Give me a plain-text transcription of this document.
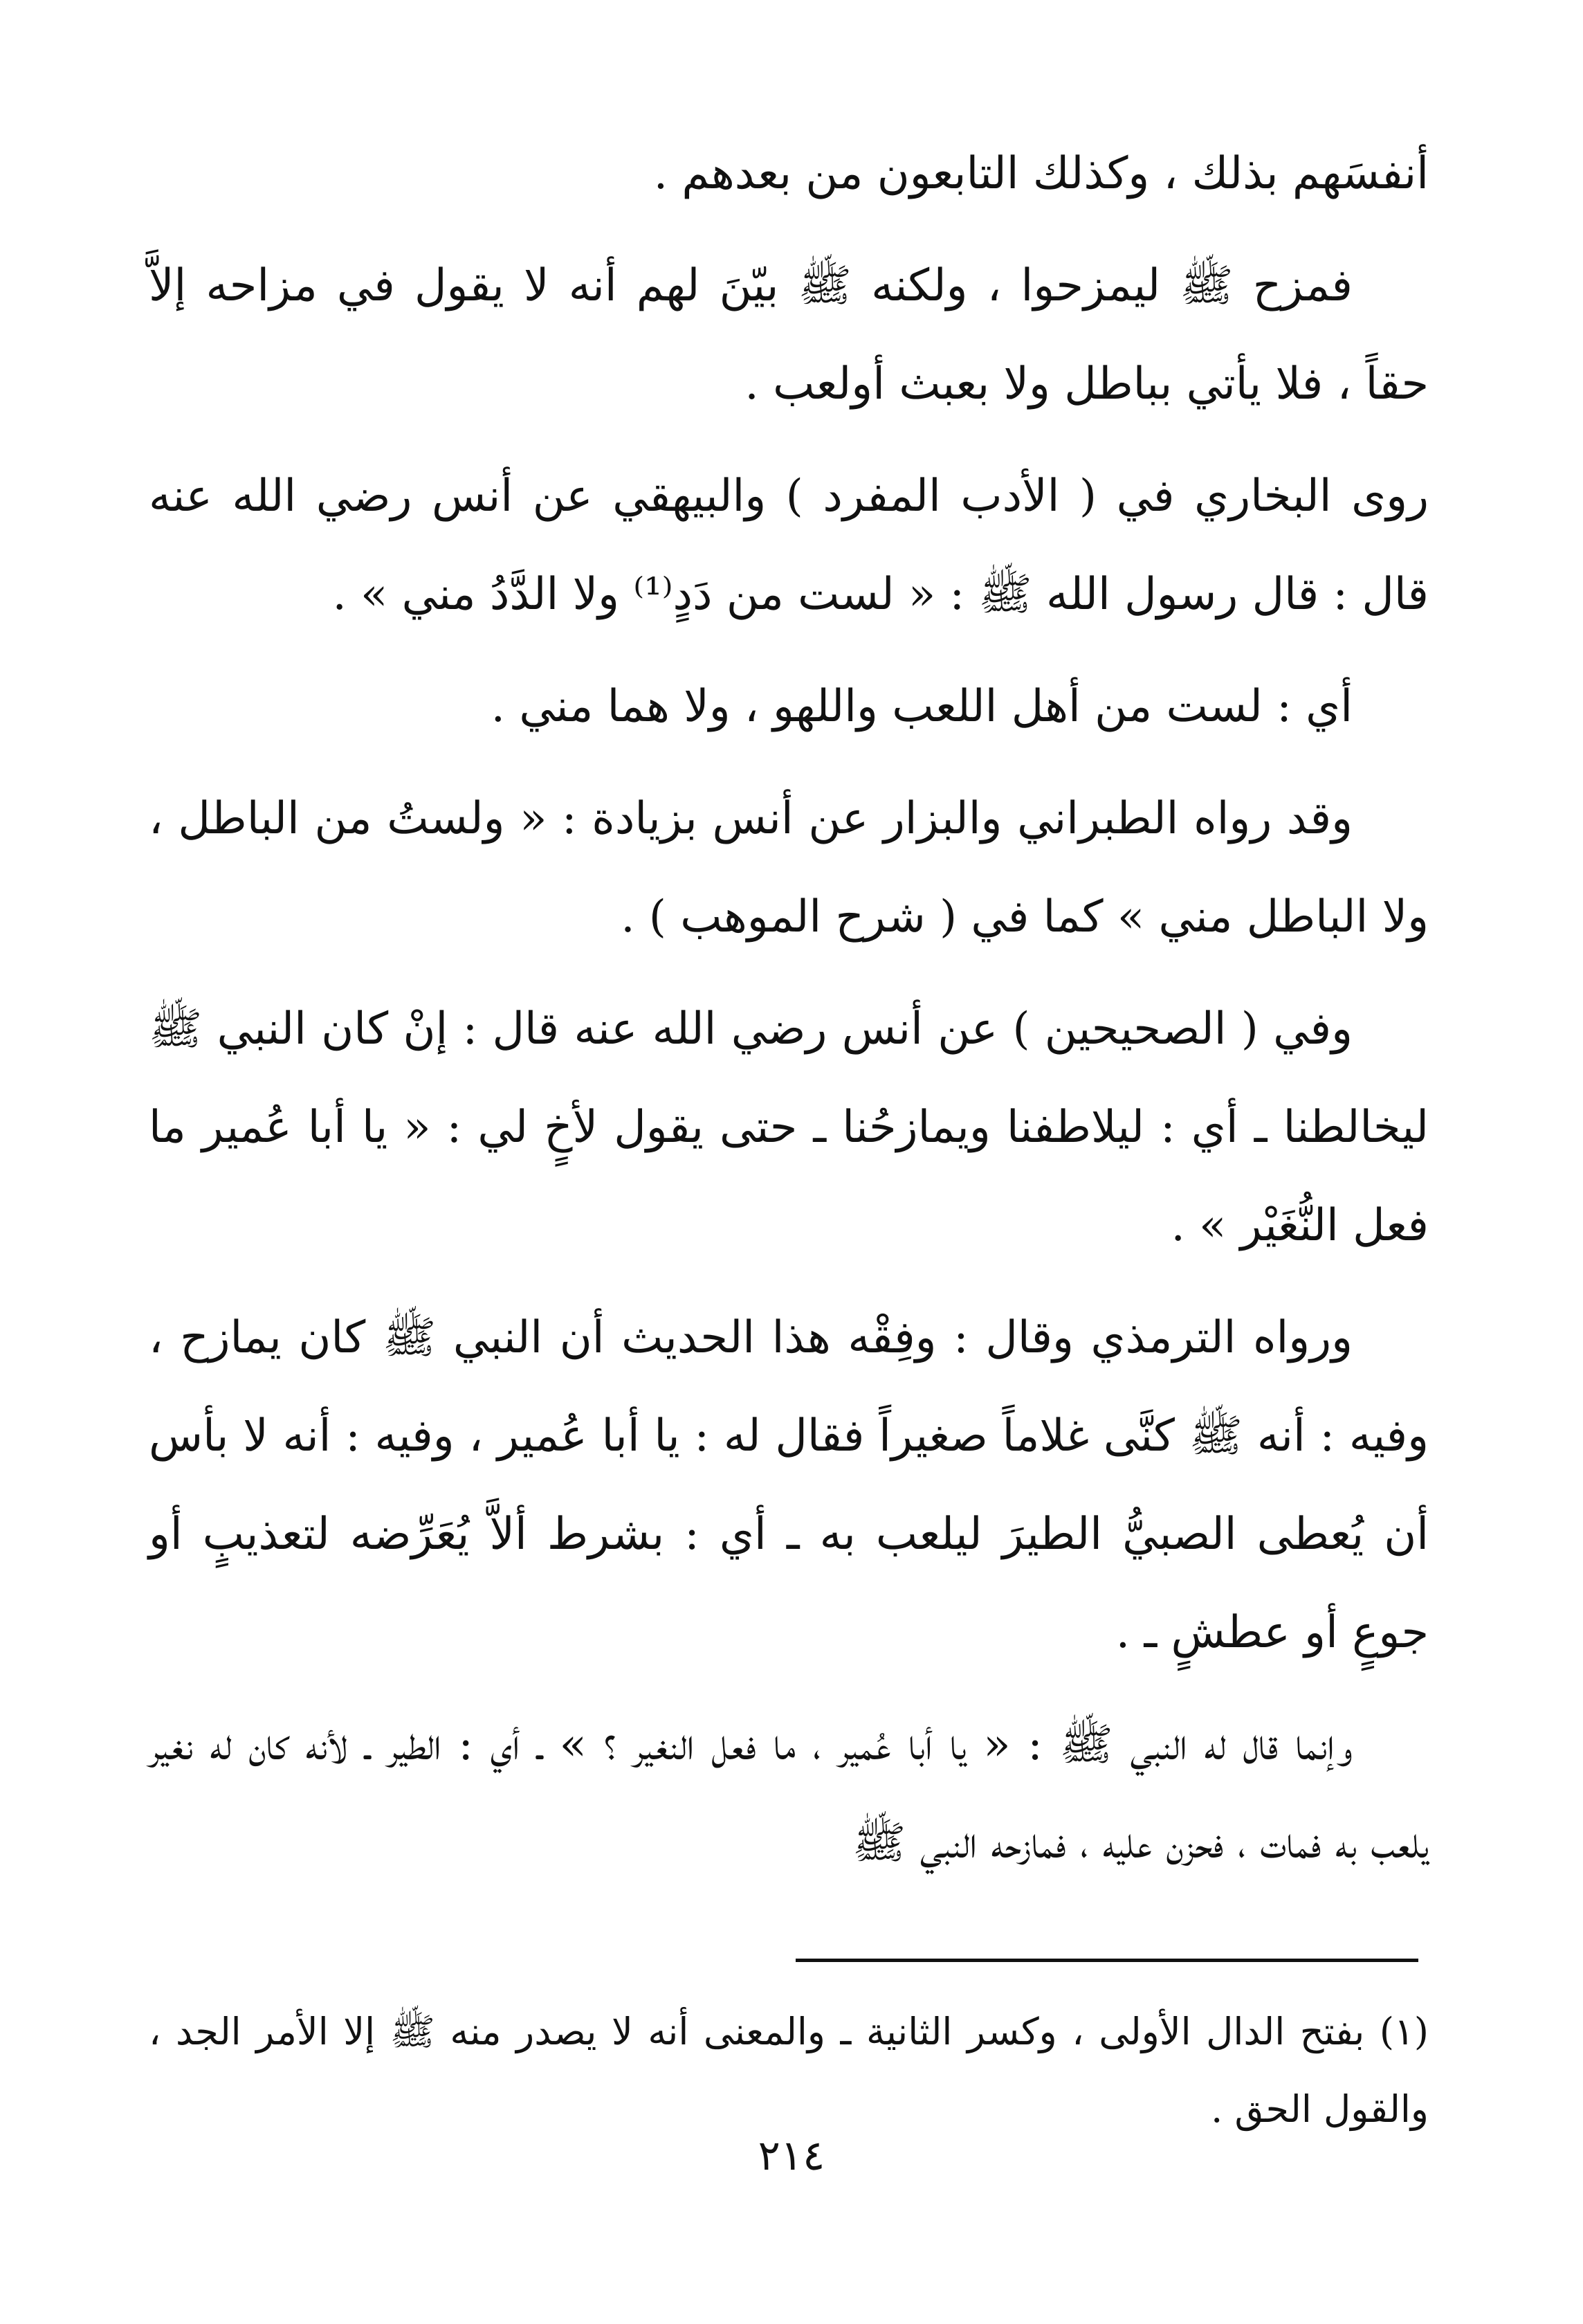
أنفسَهم بذلك ، وكذلك التابعون من بعدهم .

فمزح ﷺ ليمزحوا ، ولكنه ﷺ بيّنَ لهم أنه لا يقول في مزاحه إلاَّ حقاً ، فلا يأتي بباطل ولا بعبث أولعب .

روى البخاري في ( الأدب المفرد ) والبيهقي عن أنس رضي الله عنه قال : قال رسول الله ﷺ : « لست من دَدٍ⁽¹⁾ ولا الدَّدُ مني » .

أي : لست من أهل اللعب واللهو ، ولا هما مني .

وقد رواه الطبراني والبزار عن أنس بزيادة : « ولستُ من الباطل ، ولا الباطل مني » كما في ( شرح الموهب ) .

وفي ( الصحيحين ) عن أنس رضي الله عنه قال : إنْ كان النبي ﷺ ليخالطنا ـ أي : ليلاطفنا ويمازحُنا ـ حتى يقول لأخٍ لي : « يا أبا عُمير ما فعل النُّغَيْر » .

ورواه الترمذي وقال : وفِقْه هذا الحديث أن النبي ﷺ كان يمازح ، وفيه : أنه ﷺ كنَّى غلاماً صغيراً فقال له : يا أبا عُمير ، وفيه : أنه لا بأس أن يُعطى الصبيُّ الطيرَ ليلعب به ـ أي : بشرط ألاَّ يُعَرِّضه لتعذيبٍ أو جوعٍ أو عطشٍ ـ .

وإنما قال له النبي ﷺ : « يا أبا عُمير ، ما فعل النغير ؟ » ـ أي : الطير ـ لأنه كان له نغير يلعب به فمات ، فحزن عليه ، فمازحه النبي ﷺ

(١) بفتح الدال الأولى ، وكسر الثانية ـ والمعنى أنه لا يصدر منه ﷺ إلا الأمر الجد ، والقول الحق .

٢١٤
